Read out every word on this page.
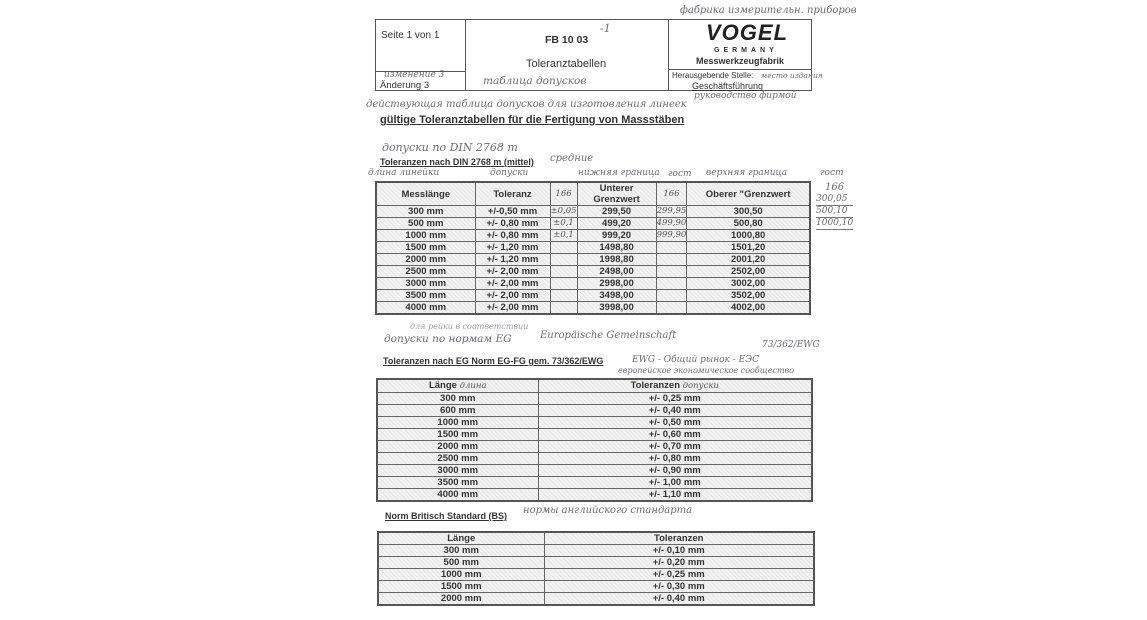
фабрика измерительн. приборов
Seite 1 von 1
изменение 3
Änderung 3
FB 10 03
-1
Toleranztabellen
таблица допусков
VOGEL
GERMANY
Messwerkzeugfabrik
Herausgebende Stelle: место издания
Geschäftsführung
руководство фирмой
действующая таблица допусков для изготовления линеек
gültige Toleranztabellen für die Fertigung von Massstäben
допуски по DIN 2768 m
Toleranzen nach DIN 2768 m (mittel) средние
длина линейки	допуски	нижняя граница гост верхняя граница	гост
166
Messlänge	Toleranz	166	Unterer Grenzwert	166	Oberer "Grenzwert
300 mm	+/-0,50 mm	±0,05	299,50	299,95	300,50
500 mm	+/- 0,80 mm	±0,1	499,20	499,90	500,80
1000 mm	+/- 0,80 mm	±0,1	999,20	999,90	1000,80
1500 mm	+/- 1,20 mm		1498,80		1501,20
2000 mm	+/- 1,20 mm		1998,80		2001,20
2500 mm	+/- 2,00 mm		2498,00		2502,00
3000 mm	+/- 2,00 mm		2998,00		3002,00
3500 mm	+/- 2,00 mm		3498,00		3502,00
4000 mm	+/- 2,00 mm		3998,00		4002,00
300,05
500,10
1000,10
для рейки в соответствии
допуски по нормам EG	Europäische Gemeinschaft
73/362/EWG
Toleranzen nach EG Norm EG-FG gem. 73/362/EWG	EWG - Общий рынок - ЕЭС
европейское экономическое сообщество
Länge длина	Toleranzen допуски
300 mm	+/- 0,25 mm
600 mm	+/- 0,40 mm
1000 mm	+/- 0,50 mm
1500 mm	+/- 0,60 mm
2000 mm	+/- 0,70 mm
2500 mm	+/- 0,80 mm
3000 mm	+/- 0,90 mm
3500 mm	+/- 1,00 mm
4000 mm	+/- 1,10 mm
Norm Britisch Standard (BS) нормы английского стандарта
Länge	Toleranzen
300 mm	+/- 0,10 mm
500 mm	+/- 0,20 mm
1000 mm	+/- 0,25 mm
1500 mm	+/- 0,30 mm
2000 mm	+/- 0,40 mm
